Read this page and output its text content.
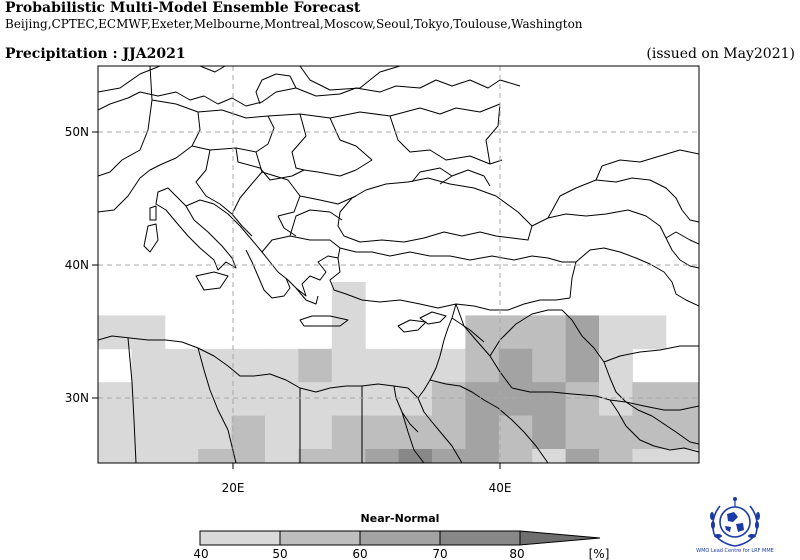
Probabilistic Multi-Model Ensemble Forecast
Beijing,CPTEC,ECMWF,Exeter,Melbourne,Montreal,Moscow,Seoul,Tokyo,Toulouse,Washington
Precipitation : JJA2021	(issued on May2021)
50N
40N
30N
20E	40E
40	50	60	70	80	[%]
Near-Normal
WMO Lead Centre for LRF MME
